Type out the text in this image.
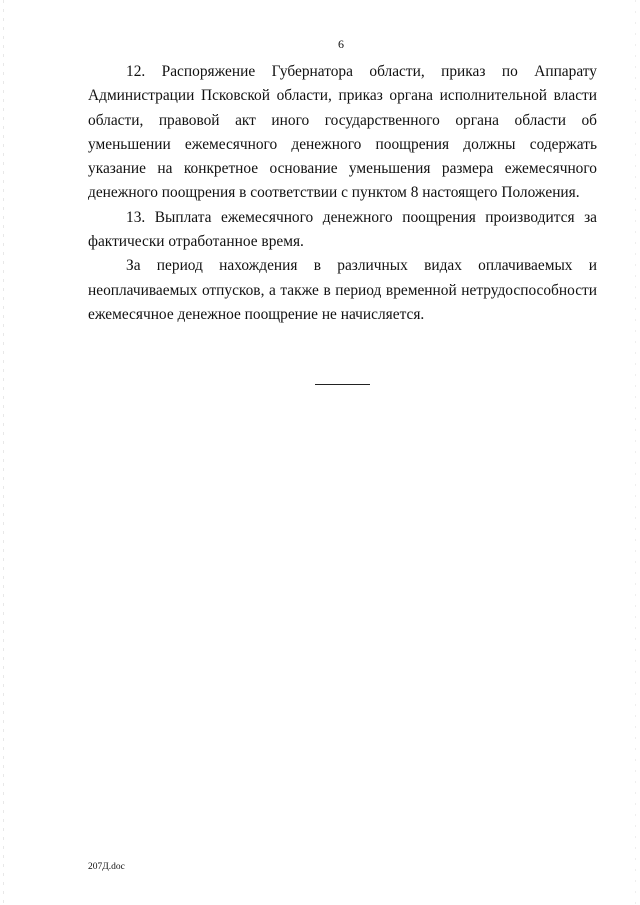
6

12. Распоряжение Губернатора области, приказ по Аппарату Администрации Псковской области, приказ органа исполнительной власти области, правовой акт иного государственного органа области об уменьшении ежемесячного денежного поощрения должны содержать указание на конкретное основание уменьшения размера ежемесячного денежного поощрения в соответствии с пунктом 8 настоящего Положения.

13. Выплата ежемесячного денежного поощрения производится за фактически отработанное время.

За период нахождения в различных видах оплачиваемых и неоплачиваемых отпусков, а также в период временной нетрудоспособности ежемесячное денежное поощрение не начисляется.

207Д.doc
